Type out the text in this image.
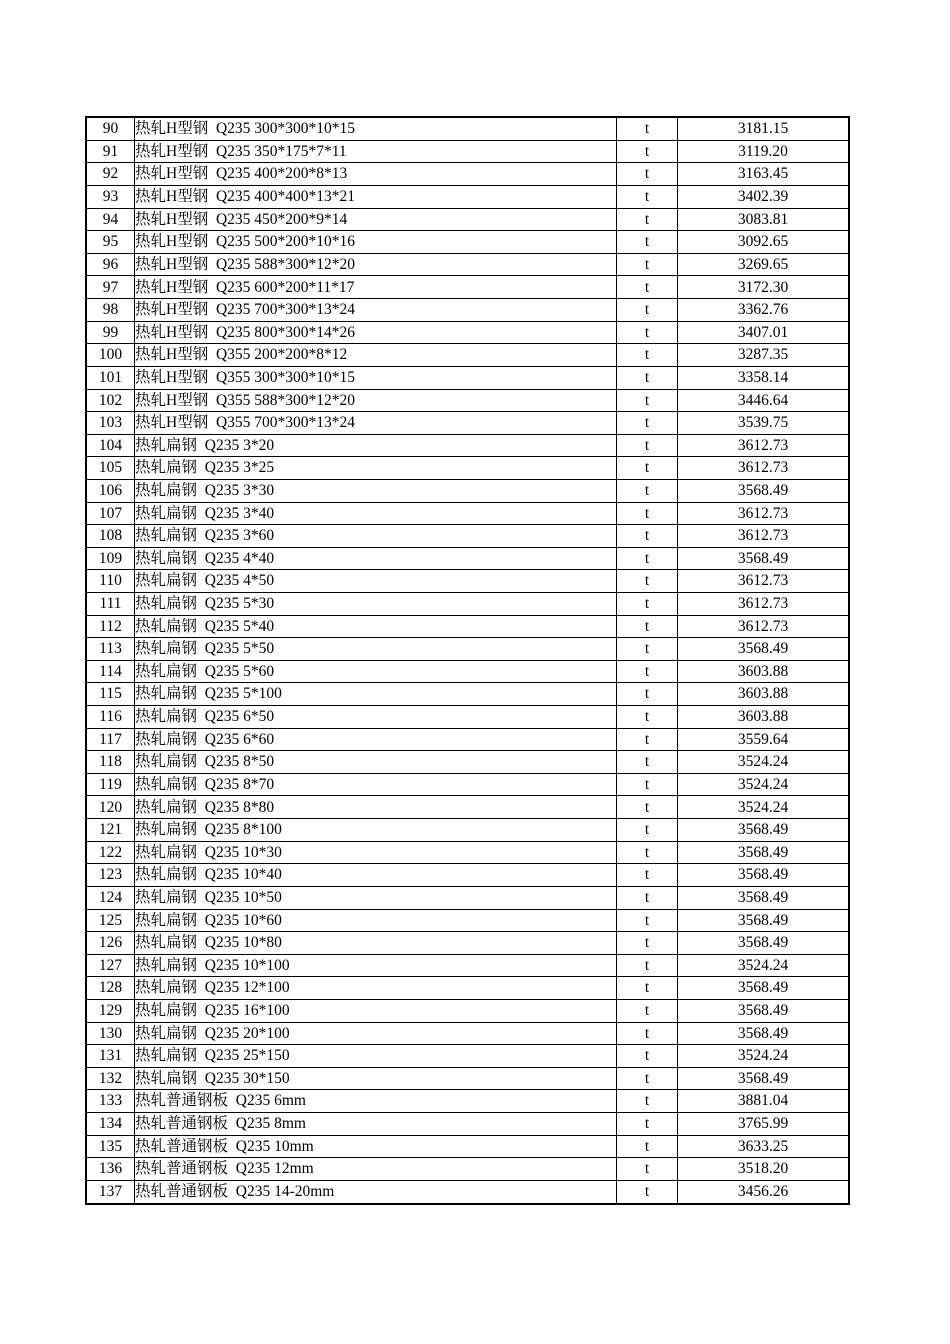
90	热轧H型钢  Q235 300*300*10*15	t	3181.15
91	热轧H型钢  Q235 350*175*7*11	t	3119.20
92	热轧H型钢  Q235 400*200*8*13	t	3163.45
93	热轧H型钢  Q235 400*400*13*21	t	3402.39
94	热轧H型钢  Q235 450*200*9*14	t	3083.81
95	热轧H型钢  Q235 500*200*10*16	t	3092.65
96	热轧H型钢  Q235 588*300*12*20	t	3269.65
97	热轧H型钢  Q235 600*200*11*17	t	3172.30
98	热轧H型钢  Q235 700*300*13*24	t	3362.76
99	热轧H型钢  Q235 800*300*14*26	t	3407.01
100	热轧H型钢  Q355 200*200*8*12	t	3287.35
101	热轧H型钢  Q355 300*300*10*15	t	3358.14
102	热轧H型钢  Q355 588*300*12*20	t	3446.64
103	热轧H型钢  Q355 700*300*13*24	t	3539.75
104	热轧扁钢  Q235 3*20	t	3612.73
105	热轧扁钢  Q235 3*25	t	3612.73
106	热轧扁钢  Q235 3*30	t	3568.49
107	热轧扁钢  Q235 3*40	t	3612.73
108	热轧扁钢  Q235 3*60	t	3612.73
109	热轧扁钢  Q235 4*40	t	3568.49
110	热轧扁钢  Q235 4*50	t	3612.73
111	热轧扁钢  Q235 5*30	t	3612.73
112	热轧扁钢  Q235 5*40	t	3612.73
113	热轧扁钢  Q235 5*50	t	3568.49
114	热轧扁钢  Q235 5*60	t	3603.88
115	热轧扁钢  Q235 5*100	t	3603.88
116	热轧扁钢  Q235 6*50	t	3603.88
117	热轧扁钢  Q235 6*60	t	3559.64
118	热轧扁钢  Q235 8*50	t	3524.24
119	热轧扁钢  Q235 8*70	t	3524.24
120	热轧扁钢  Q235 8*80	t	3524.24
121	热轧扁钢  Q235 8*100	t	3568.49
122	热轧扁钢  Q235 10*30	t	3568.49
123	热轧扁钢  Q235 10*40	t	3568.49
124	热轧扁钢  Q235 10*50	t	3568.49
125	热轧扁钢  Q235 10*60	t	3568.49
126	热轧扁钢  Q235 10*80	t	3568.49
127	热轧扁钢  Q235 10*100	t	3524.24
128	热轧扁钢  Q235 12*100	t	3568.49
129	热轧扁钢  Q235 16*100	t	3568.49
130	热轧扁钢  Q235 20*100	t	3568.49
131	热轧扁钢  Q235 25*150	t	3524.24
132	热轧扁钢  Q235 30*150	t	3568.49
133	热轧普通钢板  Q235 6mm	t	3881.04
134	热轧普通钢板  Q235 8mm	t	3765.99
135	热轧普通钢板  Q235 10mm	t	3633.25
136	热轧普通钢板  Q235 12mm	t	3518.20
137	热轧普通钢板  Q235 14-20mm	t	3456.26
